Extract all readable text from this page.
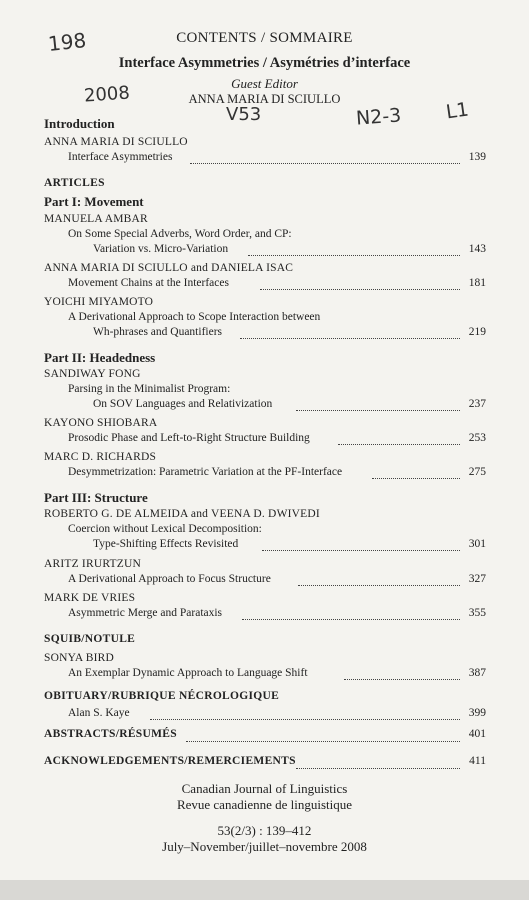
CONTENTS / SOMMAIRE
Interface Asymmetries / Asymétries d’interface
Guest Editor
ANNA MARIA DI SCIULLO
198
2008
V53	N2-3 L1
Introduction
ANNA MARIA DI SCIULLO
Interface Asymmetries	139
ARTICLES
Part I: Movement
MANUELA AMBAR
On Some Special Adverbs, Word Order, and CP:
Variation vs. Micro-Variation	143
ANNA MARIA DI SCIULLO and DANIELA ISAC
Movement Chains at the Interfaces	181
YOICHI MIYAMOTO
A Derivational Approach to Scope Interaction between
Wh-phrases and Quantifiers	219
Part II: Headedness
SANDIWAY FONG
Parsing in the Minimalist Program:
On SOV Languages and Relativization	237
KAYONO SHIOBARA
Prosodic Phase and Left-to-Right Structure Building	253
MARC D. RICHARDS
Desymmetrization: Parametric Variation at the PF-Interface	275
Part III: Structure
ROBERTO G. DE ALMEIDA and VEENA D. DWIVEDI
Coercion without Lexical Decomposition:
Type-Shifting Effects Revisited	301
ARITZ IRURTZUN
A Derivational Approach to Focus Structure	327
MARK DE VRIES
Asymmetric Merge and Parataxis	355
SQUIB/NOTULE
SONYA BIRD
An Exemplar Dynamic Approach to Language Shift	387
OBITUARY/RUBRIQUE NÉCROLOGIQUE
Alan S. Kaye	399
ABSTRACTS/RÉSUMÉS	401
ACKNOWLEDGEMENTS/REMERCIEMENTS	411
Canadian Journal of Linguistics
Revue canadienne de linguistique
53(2/3) : 139–412
July–November/juillet–novembre 2008
